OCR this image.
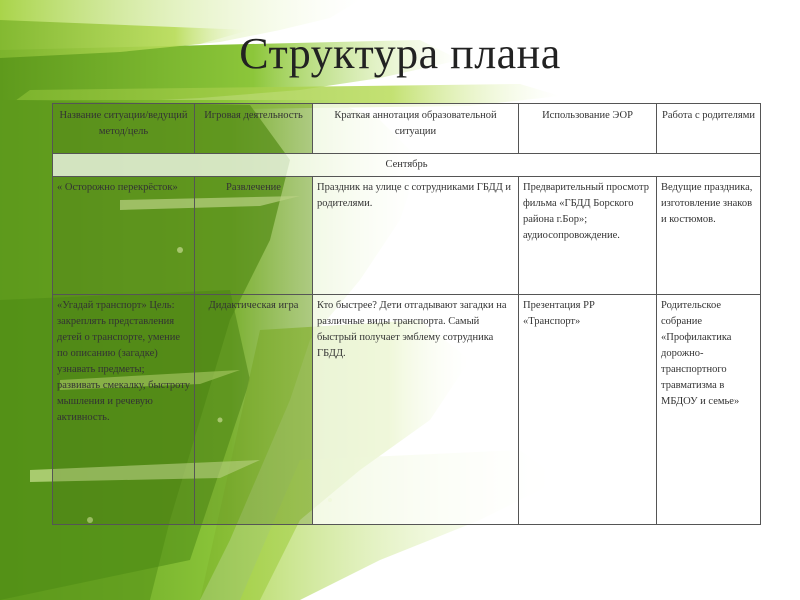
Структура плана
Название ситуации/ведущий метод/цель	Игровая деятельность	Краткая аннотация образовательной ситуации	Использование ЭОР	Работа с родителями
Сентябрь				
« Осторожно перекрёсток»	Развлечение	Праздник на улице с сотрудниками ГБДД и родителями.	Предварительный просмотр фильма «ГБДД Борского района г.Бор»; аудиосопровождение.	Ведущие праздника, изготовление знаков и костюмов.
«Угадай транспорт» Цель: закреплять представления детей о транспорте, умение по описанию (загадке) узнавать предметы; развивать смекалку, быстроту мышления и речевую активность.	Дидактическая игра	Кто быстрее? Дети отгадывают загадки на различные виды транспорта. Самый быстрый получает эмблему сотрудника ГБДД.	Презентация РР «Транспорт»	Родительское собрание «Профилактика дорожно-транспортного травматизма в МБДОУ и семье»
